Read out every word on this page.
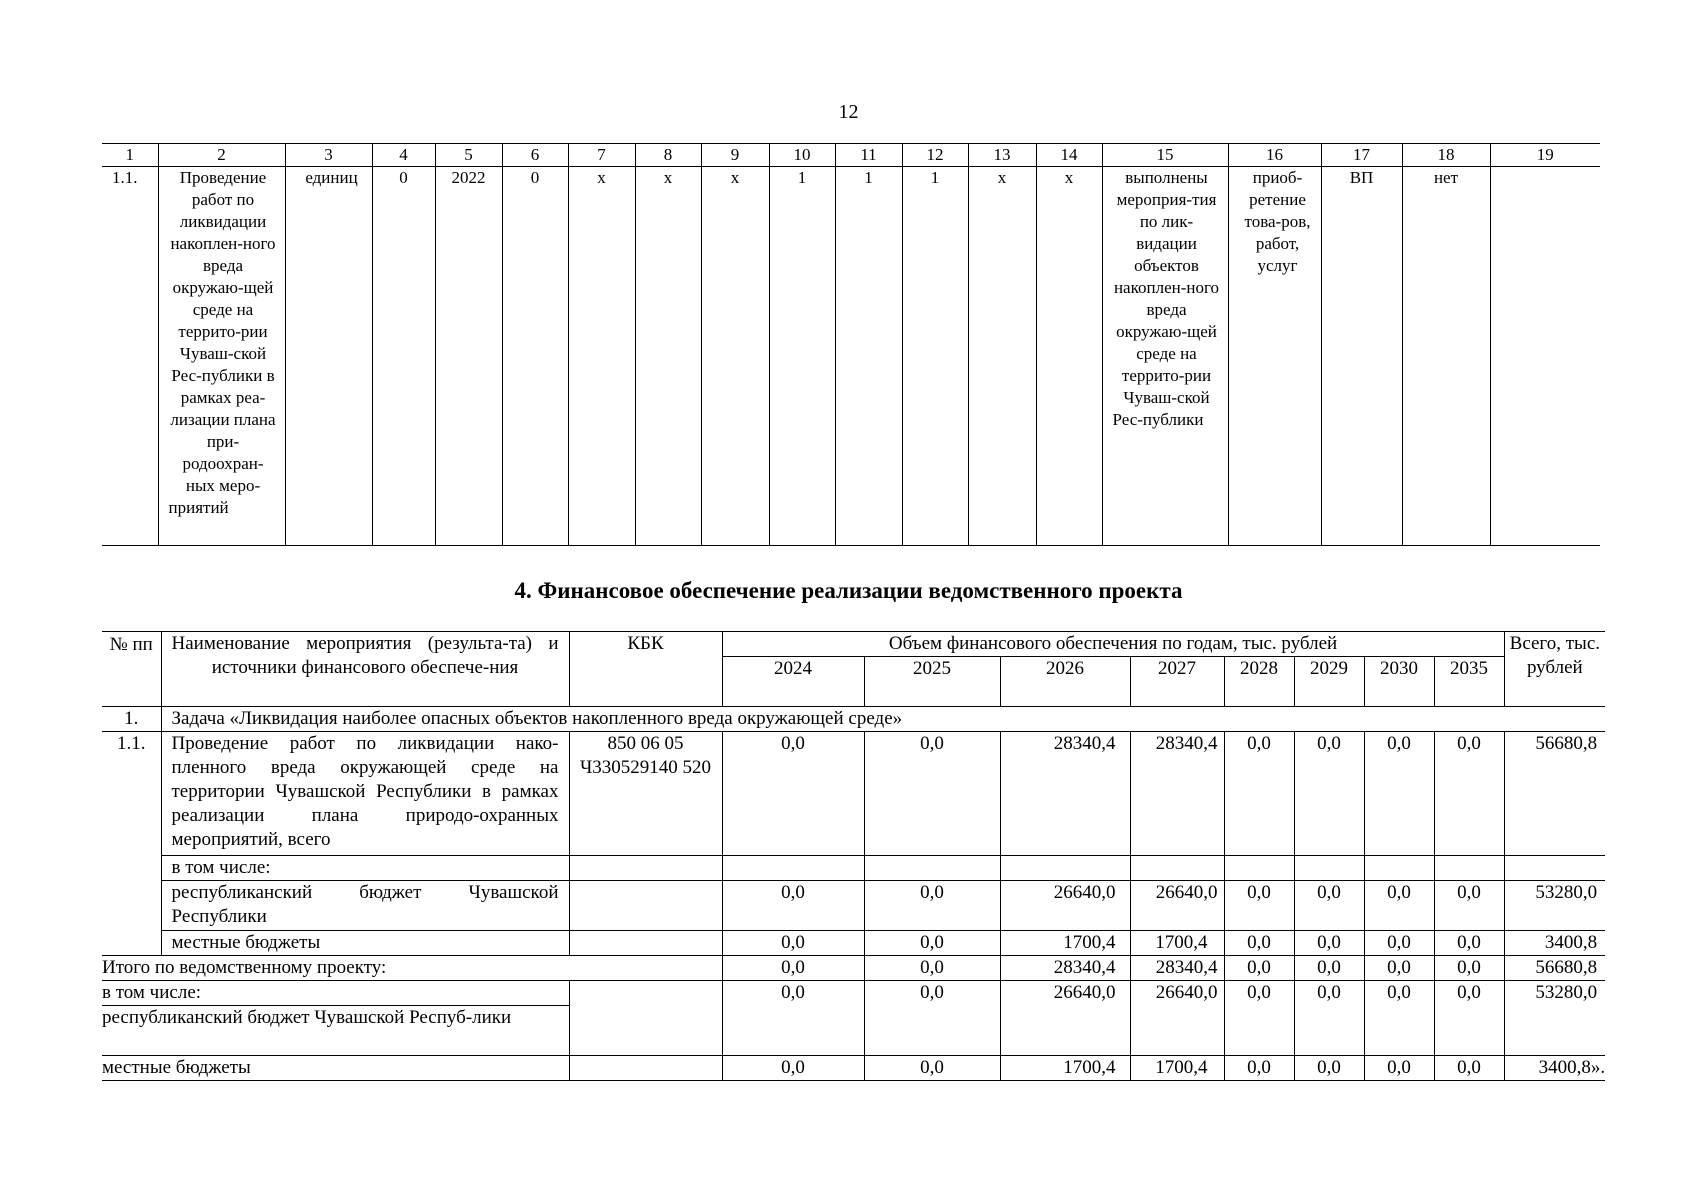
12
1	2	3	4	5	6	7	8	9	10	11	12	13	14	15	16	17	18	19
1.1.	Проведение работ по ликвидации накоплен-ного вреда окружаю-щей среде на террито-рии Чуваш-ской Рес-публики в рамках реа-лизации плана при-родоохран-ных меро-приятий	единиц	0	2022	0	х	х	х	1	1	1	х	х	выполнены мероприя-тия по лик-видации объектов накоплен-ного вреда окружаю-щей среде на террито-рии Чуваш-ской Рес-публики	приоб-ретение това-ров, работ, услуг	ВП	нет	
4. Финансовое обеспечение реализации ведомственного проекта
№ пп	Наименование мероприятия (результа-та) и источники финансового обеспече-ния	КБК	Объем финансового обеспечения по годам, тыс. рублей								Всего, тыс. рублей
			2024	2025	2026	2027	2028	2029	2030	2035	
1.	Задача «Ликвидация наиболее опасных объектов накопленного вреда окружающей среде»										
1.1.	Проведение работ по ликвидации нако-пленного вреда окружающей среде на территории Чувашской Республики в рамках реализации плана природо-охранных мероприятий, всего	850 06 05 Ч330529140 520	0,0	0,0	28340,4	28340,4	0,0	0,0	0,0	0,0	56680,8
	в том числе:										
	республиканский бюджет Чувашской Республики		0,0	0,0	26640,0	26640,0	0,0	0,0	0,0	0,0	53280,0
	местные бюджеты		0,0	0,0	1700,4	1700,4	0,0	0,0	0,0	0,0	3400,8
Итого по ведомственному проекту:			0,0	0,0	28340,4	28340,4	0,0	0,0	0,0	0,0	56680,8
в том числе:			0,0	0,0	26640,0	26640,0	0,0	0,0	0,0	0,0	53280,0
республиканский бюджет Чувашской Респуб-лики											
местные бюджеты			0,0	0,0	1700,4	1700,4	0,0	0,0	0,0	0,0	3400,8».
